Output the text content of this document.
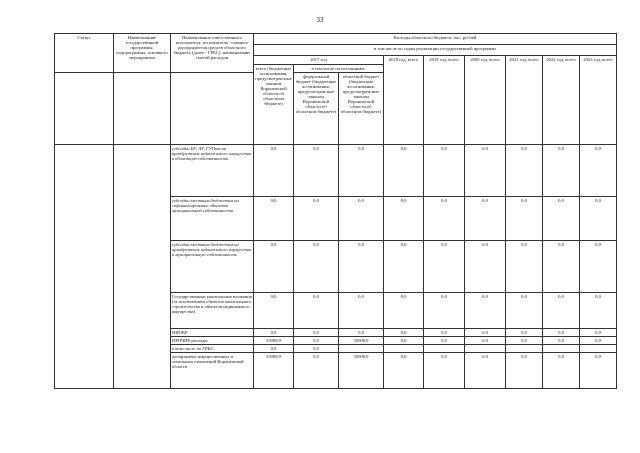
33
Статус	Наименование государственной программы, подпрограммы, основного мероприятия	Наименование ответственного исполнителя, исполнителя - главного распорядителя средств областного бюджета (далее - ГРБС), наименование сметой расходов	Расходы областного бюджета, тыс. рублей								
			в том числе по годам реализации государственной программы								
			2017 год			2018 год, всего	2019 год, всего	2020 год, всего	2021 год, всего	2022 год, всего	2023 год, всего
			всего (бюджетные ассигнования, предусмотрен-ные законом Воронежской области об областном бюджете)	в том числе по источникам:							
				федеральный бюджет (бюджетные ассигнования, предусмотрен-ные законом Воронежской области об областном бюджете)	областной бюджет (бюджетные ассигнования, предусмотрен-ные законом Воронежской области об областном бюджете)						
		субсидии БУ, АУ, ГУПам на приобретение недвижимого имущества в областную собственность	0,0	0,0	0,0	0,0	0,0	0,0	0,0	0,0	0,0
		субсидии местным бюджетам на софинансирование объектов муниципальной собственности	0,0	0,0	0,0	0,0	0,0	0,0	0,0	0,0	0,0
		субсидии местным бюджетам на приобретение недвижимого имущества в муниципальную собственность	0,0	0,0	0,0	0,0	0,0	0,0	0,0	0,0	0,0
		Государственные капитальные вложения (за исключением объектов капитального строительства и объектов недвижимого имущества)	0,0	0,0	0,0	0,0	0,0	0,0	0,0	0,0	0,0
		НИОКР	0,0	0,0	0,0	0,0	0,0	0,0	0,0	0,0	0,0
		ПРОЧИЕ расходы	35000,0	0,0	35000,0	0,0	0,0	0,0	0,0	0,0	0,0
		в том числе по ГРБС:	0,0	0,0							
		департамент имущественных и земельных отношений Воронежской области	35000,0	0,0	35000,0	0,0	0,0	0,0	0,0	0,0	0,0
